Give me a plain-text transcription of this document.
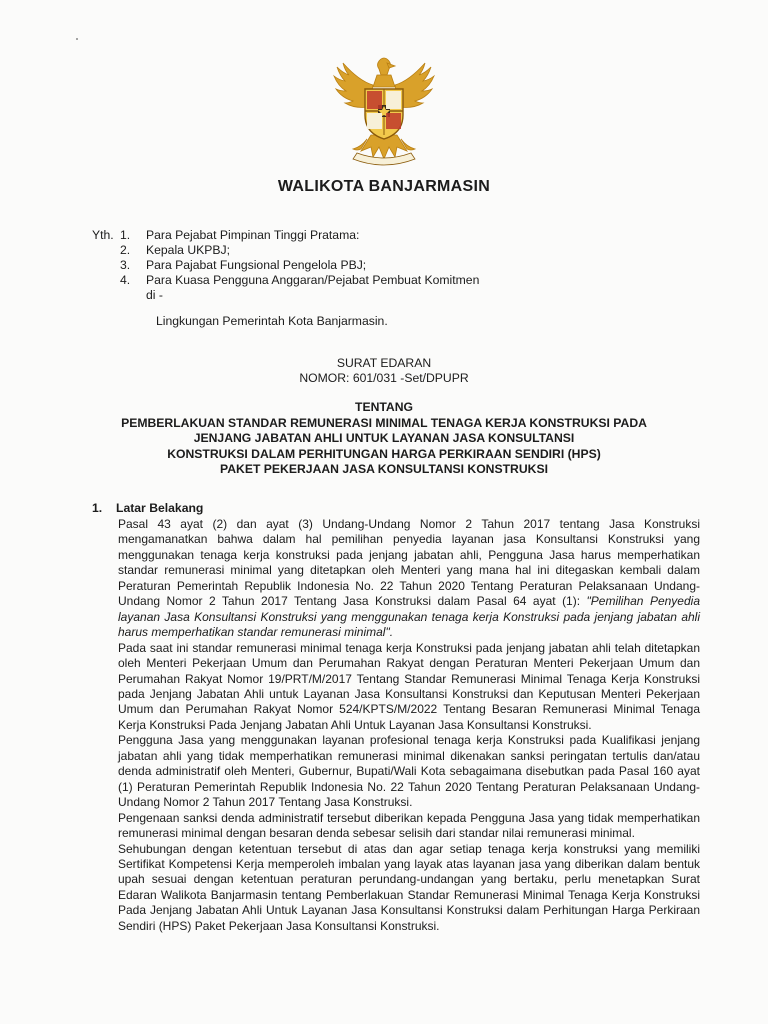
WALIKOTA BANJARMASIN
Yth. 1.	Para Pejabat Pimpinan Tinggi Pratama:
2.	Kepala UKPBJ;
3.	Para Pajabat Fungsional Pengelola PBJ;
4.	Para Kuasa Pengguna Anggaran/Pejabat Pembuat Komitmen
di -
Lingkungan Pemerintah Kota Banjarmasin.
SURAT EDARAN
NOMOR: 601/031 -Set/DPUPR
TENTANG
PEMBERLAKUAN STANDAR REMUNERASI MINIMAL TENAGA KERJA KONSTRUKSI PADA
JENJANG JABATAN AHLI UNTUK LAYANAN JASA KONSULTANSI
KONSTRUKSI DALAM PERHITUNGAN HARGA PERKIRAAN SENDIRI (HPS)
PAKET PEKERJAAN JASA KONSULTANSI KONSTRUKSI
1. Latar Belakang

Pasal 43 ayat (2) dan ayat (3) Undang-Undang Nomor 2 Tahun 2017 tentang Jasa Konstruksi mengamanatkan bahwa dalam hal pemilihan penyedia layanan jasa Konsultansi Konstruksi yang menggunakan tenaga kerja konstruksi pada jenjang jabatan ahli, Pengguna Jasa harus memperhatikan standar remunerasi minimal yang ditetapkan oleh Menteri yang mana hal ini ditegaskan kembali dalam Peraturan Pemerintah Republik Indonesia No. 22 Tahun 2020 Tentang Peraturan Pelaksanaan Undang-Undang Nomor 2 Tahun 2017 Tentang Jasa Konstruksi dalam Pasal 64 ayat (1): "Pemilihan Penyedia layanan Jasa Konsultansi Konstruksi yang menggunakan tenaga kerja Konstruksi pada jenjang jabatan ahli harus memperhatikan standar remunerasi minimal".

Pada saat ini standar remunerasi minimal tenaga kerja Konstruksi pada jenjang jabatan ahli telah ditetapkan oleh Menteri Pekerjaan Umum dan Perumahan Rakyat dengan Peraturan Menteri Pekerjaan Umum dan Perumahan Rakyat Nomor 19/PRT/M/2017 Tentang Standar Remunerasi Minimal Tenaga Kerja Konstruksi pada Jenjang Jabatan Ahli untuk Layanan Jasa Konsultansi Konstruksi dan Keputusan Menteri Pekerjaan Umum dan Perumahan Rakyat Nomor 524/KPTS/M/2022 Tentang Besaran Remunerasi Minimal Tenaga Kerja Konstruksi Pada Jenjang Jabatan Ahli Untuk Layanan Jasa Konsultansi Konstruksi.

Pengguna Jasa yang menggunakan layanan profesional tenaga kerja Konstruksi pada Kualifikasi jenjang jabatan ahli yang tidak memperhatikan remunerasi minimal dikenakan sanksi peringatan tertulis dan/atau denda administratif oleh Menteri, Gubernur, Bupati/Wali Kota sebagaimana disebutkan pada Pasal 160 ayat (1) Peraturan Pemerintah Republik Indonesia No. 22 Tahun 2020 Tentang Peraturan Pelaksanaan Undang-Undang Nomor 2 Tahun 2017 Tentang Jasa Konstruksi.

Pengenaan sanksi denda administratif tersebut diberikan kepada Pengguna Jasa yang tidak memperhatikan remunerasi minimal dengan besaran denda sebesar selisih dari standar nilai remunerasi minimal.

Sehubungan dengan ketentuan tersebut di atas dan agar setiap tenaga kerja konstruksi yang memiliki Sertifikat Kompetensi Kerja memperoleh imbalan yang layak atas layanan jasa yang diberikan dalam bentuk upah sesuai dengan ketentuan peraturan perundang-undangan yang bertaku, perlu menetapkan Surat Edaran Walikota Banjarmasin tentang Pemberlakuan Standar Remunerasi Minimal Tenaga Kerja Konstruksi Pada Jenjang Jabatan Ahli Untuk Layanan Jasa Konsultansi Konstruksi dalam Perhitungan Harga Perkiraan Sendiri (HPS) Paket Pekerjaan Jasa Konsultansi Konstruksi.
